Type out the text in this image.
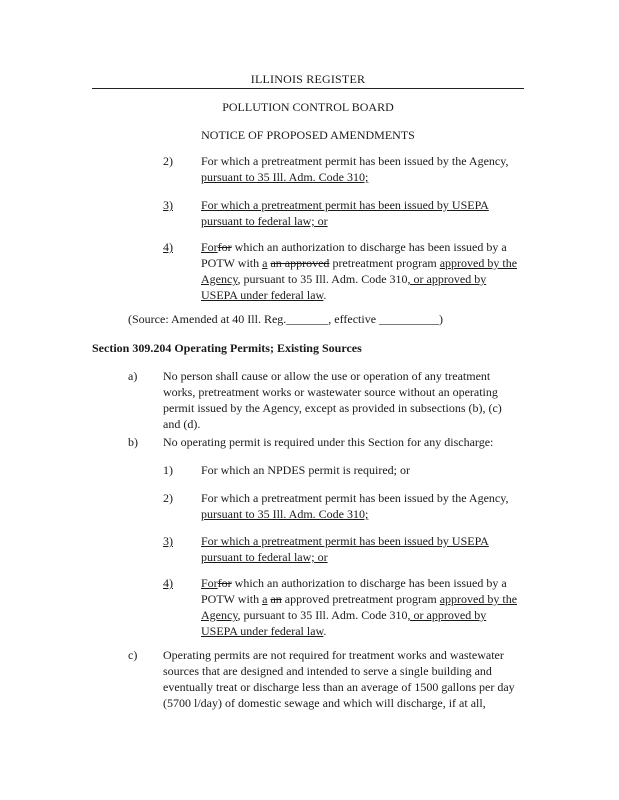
ILLINOIS REGISTER
POLLUTION CONTROL BOARD
NOTICE OF PROPOSED AMENDMENTS
2) For which a pretreatment permit has been issued by the Agency,
pursuant to 35 Ill. Adm. Code 310;
3) For which a pretreatment permit has been issued by USEPA
pursuant to federal law; or
4) Forfor which an authorization to discharge has been issued by a
POTW with a an approved pretreatment program approved by the
Agency, pursuant to 35 Ill. Adm. Code 310, or approved by
USEPA under federal law.
(Source: Amended at 40 Ill. Reg._______, effective __________)
Section 309.204 Operating Permits; Existing Sources
a) No person shall cause or allow the use or operation of any treatment
works, pretreatment works or wastewater source without an operating
permit issued by the Agency, except as provided in subsections (b), (c)
and (d).
b) No operating permit is required under this Section for any discharge:
1) For which an NPDES permit is required; or
2) For which a pretreatment permit has been issued by the Agency,
pursuant to 35 Ill. Adm. Code 310;
3) For which a pretreatment permit has been issued by USEPA
pursuant to federal law; or
4) Forfor which an authorization to discharge has been issued by a
POTW with a an approved pretreatment program approved by the
Agency, pursuant to 35 Ill. Adm. Code 310, or approved by
USEPA under federal law.
c) Operating permits are not required for treatment works and wastewater
sources that are designed and intended to serve a single building and
eventually treat or discharge less than an average of 1500 gallons per day
(5700 l/day) of domestic sewage and which will discharge, if at all,
